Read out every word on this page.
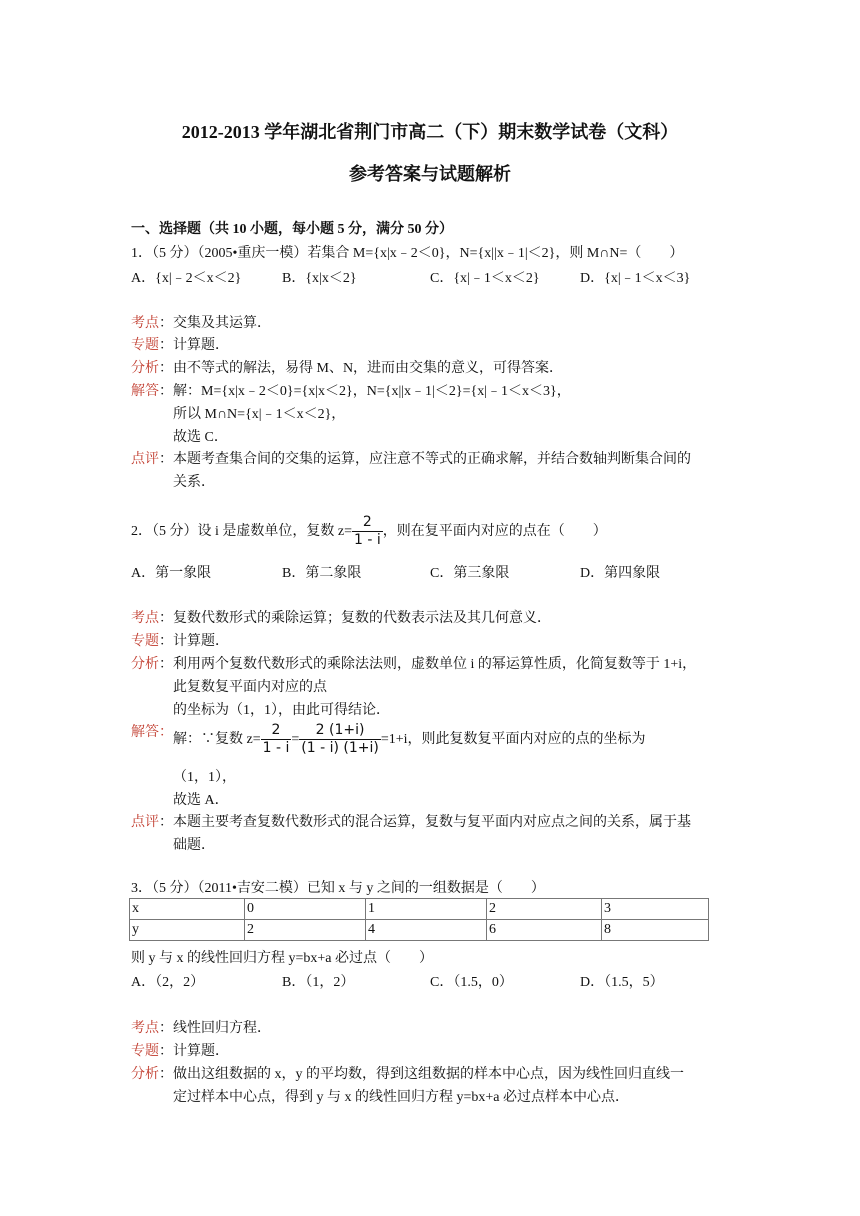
2012-2013 学年湖北省荆门市高二（下）期末数学试卷（文科）
参考答案与试题解析
一、选择题（共 10 小题，每小题 5 分，满分 50 分）
1．（5 分）（2005•重庆一模）若集合 M={x|x﹣2＜0}，N={x||x﹣1|＜2}，则 M∩N=（　　）
A．{x|﹣2＜x＜2}	B．{x|x＜2}	C．{x|﹣1＜x＜2}	D．{x|﹣1＜x＜3}
考点：交集及其运算．
专题：计算题．
分析：由不等式的解法，易得 M、N，进而由交集的意义，可得答案．
解答：解：M={x|x﹣2＜0}={x|x＜2}，N={x||x﹣1|＜2}={x|﹣1＜x＜3}，
所以 M∩N={x|﹣1＜x＜2}，
故选 C．
点评：本题考查集合间的交集的运算，应注意不等式的正确求解，并结合数轴判断集合间的
关系．
2．（5 分）设 i 是虚数单位，复数 $z= \frac{2}{1 - i}$ ，则在复平面内对应的点在（　　）
A．第一象限	B．第二象限	C．第三象限	D．第四象限
考点：复数代数形式的乘除运算；复数的代数表示法及其几何意义．
专题：计算题．
分析：利用两个复数代数形式的乘除法法则，虚数单位 i 的幂运算性质，化简复数等于 1+i，
此复数复平面内对应的点
的坐标为（1，1），由此可得结论．
解答： 解：∵复数 $z= \frac{2}{1 - i} = \frac{2 (1+i)}{(1 - i) (1+i)} =1+i$，则此复数复平面内对应的点的坐标为
（1，1），
故选 A．
点评：本题主要考查复数代数形式的混合运算，复数与复平面内对应点之间的关系，属于基
础题．
3．（5 分）（2011•吉安二模）已知 x 与 y 之间的一组数据是（　　）
x	0	1	2	3
y	2	4	6	8
则 y 与 x 的线性回归方程 y=bx+a 必过点（　　）
A．（2，2）	B．（1，2）	C．（1.5，0）	D．（1.5，5）
考点：线性回归方程．
专题：计算题．
分析：做出这组数据的 x，y 的平均数，得到这组数据的样本中心点，因为线性回归直线一
定过样本中心点，得到 y 与 x 的线性回归方程 y=bx+a 必过点样本中心点．
